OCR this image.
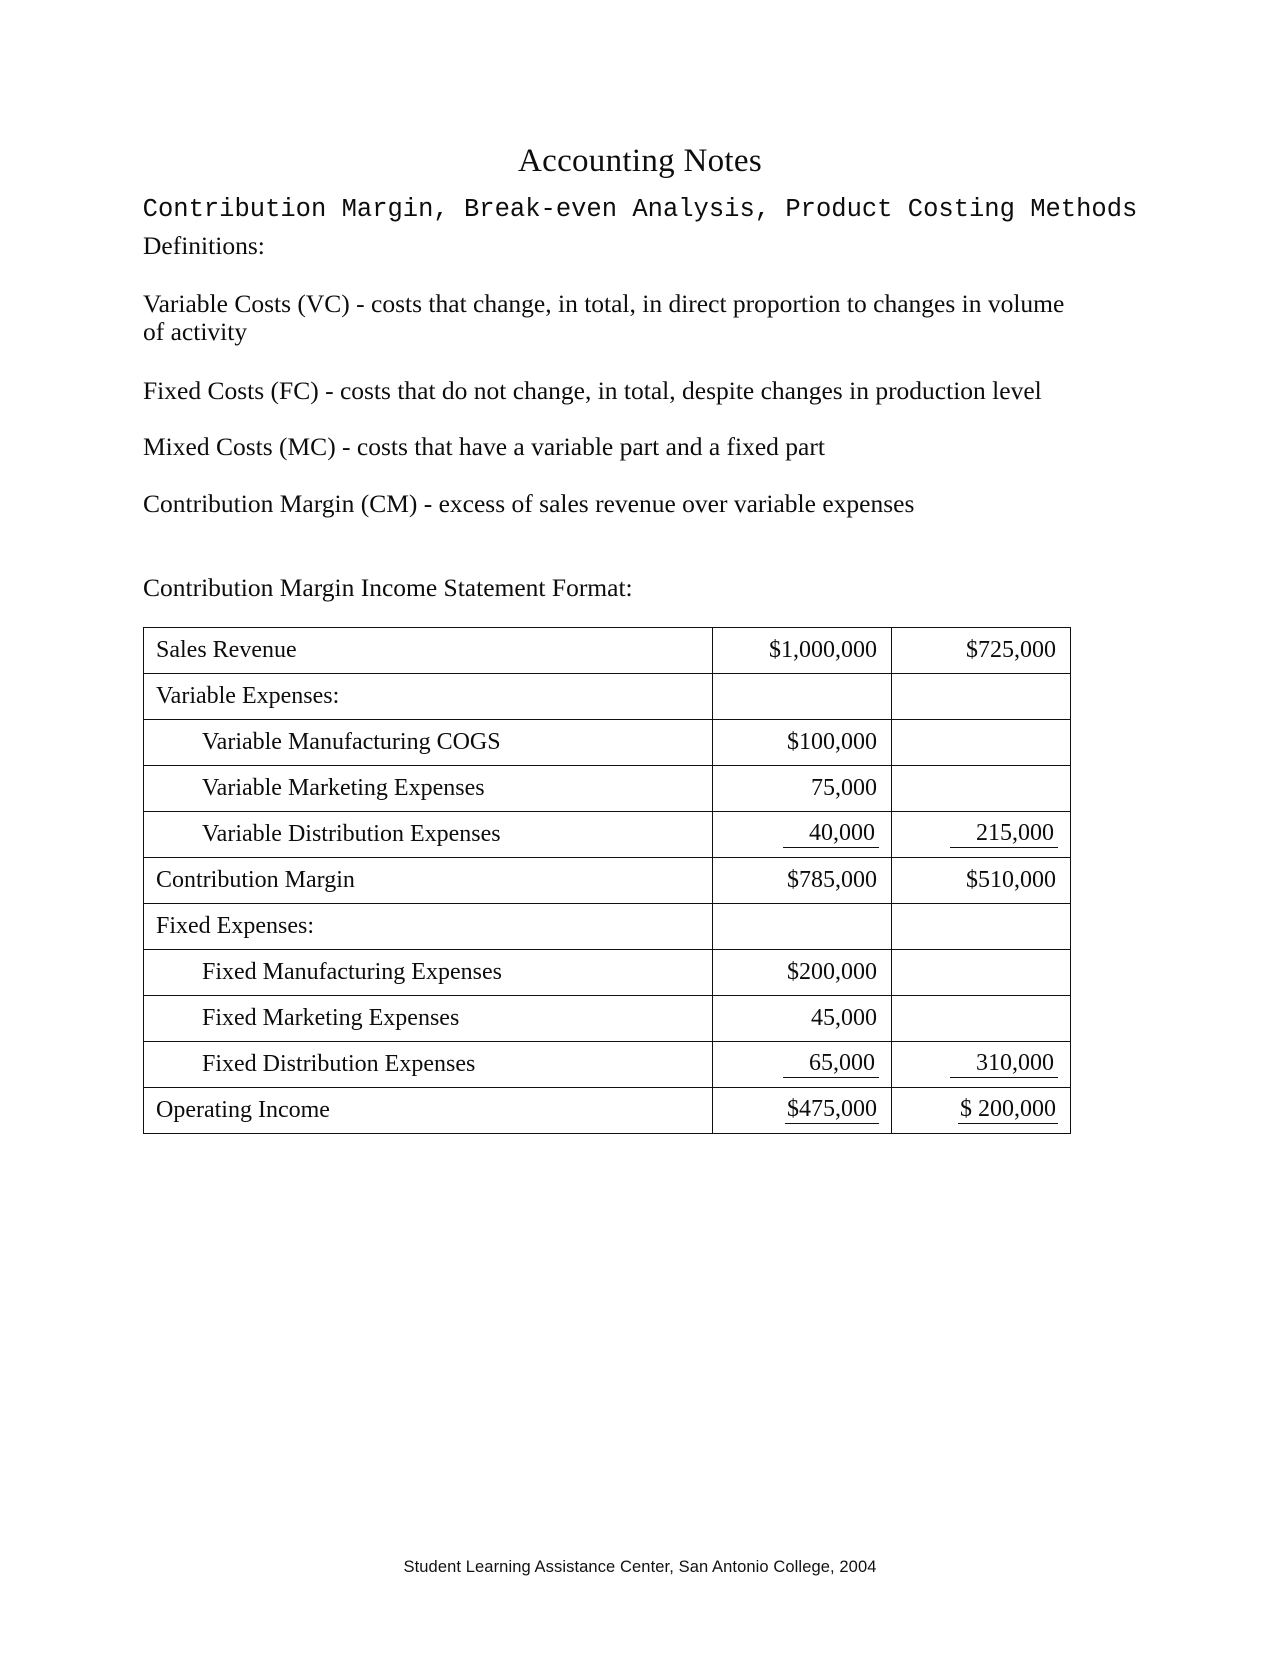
Accounting Notes
Contribution Margin, Break-even Analysis, Product Costing Methods

Definitions:

Variable Costs (VC) - costs that change, in total, in direct proportion to changes in volume of activity

Fixed Costs (FC) - costs that do not change, in total, despite changes in production level

Mixed Costs (MC) - costs that have a variable part and a fixed part

Contribution Margin (CM) - excess of sales revenue over variable expenses

Contribution Margin Income Statement Format:

Sales Revenue	$1,000,000	$725,000
Variable Expenses:		
Variable Manufacturing COGS	$100,000	
Variable Marketing Expenses	75,000	
Variable Distribution Expenses	40,000	215,000
Contribution Margin	$785,000	$510,000
Fixed Expenses:		
Fixed Manufacturing Expenses	$200,000	
Fixed Marketing Expenses	45,000	
Fixed Distribution Expenses	65,000	310,000
Operating Income	$475,000	$ 200,000
Student Learning Assistance Center, San Antonio College, 2004
